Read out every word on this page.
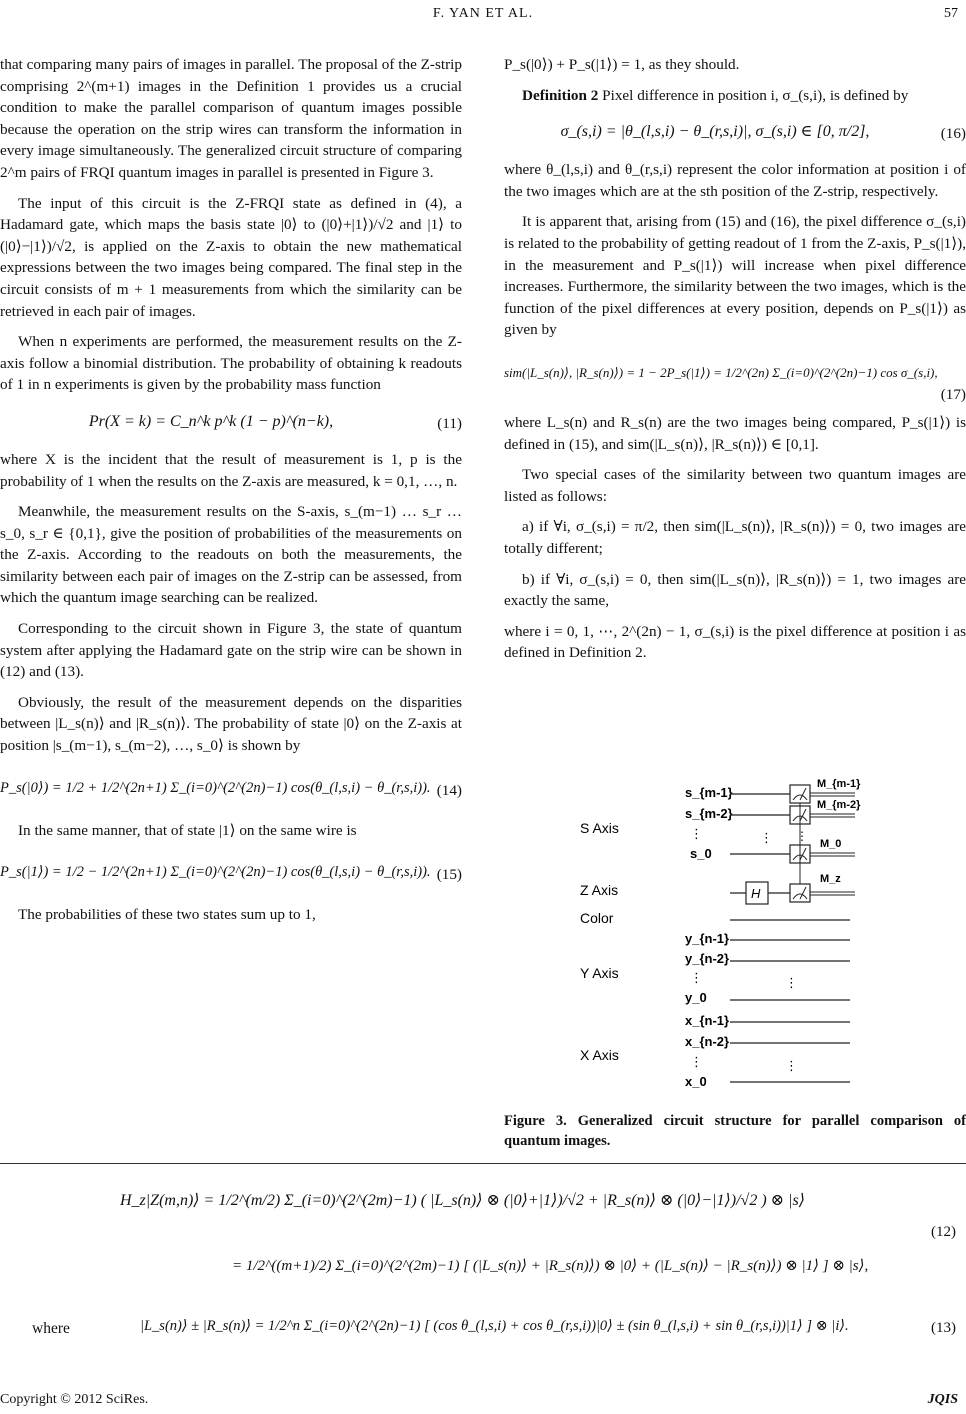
F. YAN ET AL.	57

that comparing many pairs of images in parallel. The proposal of the Z-strip comprising 2^(m+1) images in the Definition 1 provides us a crucial condition to make the parallel comparison of quantum images possible because the operation on the strip wires can transform the information in every image simultaneously. The generalized circuit structure of comparing 2^m pairs of FRQI quantum images in parallel is presented in Figure 3.

The input of this circuit is the Z-FRQI state as defined in (4), a Hadamard gate, which maps the basis state |0⟩ to (|0⟩+|1⟩)/√2 and |1⟩ to (|0⟩−|1⟩)/√2, is applied on the Z-axis to obtain the new mathematical expressions between the two images being compared. The final step in the circuit consists of m + 1 measurements from which the similarity can be retrieved in each pair of images.

When n experiments are performed, the measurement results on the Z-axis follow a binomial distribution. The probability of obtaining k readouts of 1 in n experiments is given by the probability mass function

Pr(X = k) = C_n^k p^k (1 − p)^(n−k),	(11)

where X is the incident that the result of measurement is 1, p is the probability of 1 when the results on the Z-axis are measured, k = 0,1, …, n.

Meanwhile, the measurement results on the S-axis, s_(m−1) … s_r … s_0, s_r ∈ {0,1}, give the position of probabilities of the measurements on the Z-axis. According to the readouts on both the measurements, the similarity between each pair of images on the Z-strip can be assessed, from which the quantum image searching can be realized.

Corresponding to the circuit shown in Figure 3, the state of quantum system after applying the Hadamard gate on the strip wire can be shown in (12) and (13).

Obviously, the result of the measurement depends on the disparities between |L_s(n)⟩ and |R_s(n)⟩. The probability of state |0⟩ on the Z-axis at position |s_(m−1), s_(m−2), …, s_0⟩ is shown by

P_s(|0⟩) = 1/2 + 1/2^(2n+1) Σ_(i=0)^(2^(2n)−1) cos(θ_(l,s,i) − θ_(r,s,i)). (14)

In the same manner, that of state |1⟩ on the same wire is

P_s(|1⟩) = 1/2 − 1/2^(2n+1) Σ_(i=0)^(2^(2n)−1) cos(θ_(l,s,i) − θ_(r,s,i)). (15)

The probabilities of these two states sum up to 1,

P_s(|0⟩) + P_s(|1⟩) = 1, as they should.

Definition 2 Pixel difference in position i, σ_(s,i), is defined by

σ_(s,i) = |θ_(l,s,i) − θ_(r,s,i)|, σ_(s,i) ∈ [0, π/2],	(16)

where θ_(l,s,i) and θ_(r,s,i) represent the color information at position i of the two images which are at the sth position of the Z-strip, respectively.

It is apparent that, arising from (15) and (16), the pixel difference σ_(s,i) is related to the probability of getting readout of 1 from the Z-axis, P_s(|1⟩), in the measurement and P_s(|1⟩) will increase when pixel difference increases. Furthermore, the similarity between the two images, which is the function of the pixel differences at every position, depends on P_s(|1⟩) as given by

sim(|L_s(n)⟩, |R_s(n)⟩) = 1 − 2P_s(|1⟩) = 1/2^(2n) Σ_(i=0)^(2^(2n)−1) cos σ_(s,i),
(17)

where L_s(n) and R_s(n) are the two images being compared, P_s(|1⟩) is defined in (15), and sim(|L_s(n)⟩, |R_s(n)⟩) ∈ [0,1].

Two special cases of the similarity between two quantum images are listed as follows:

a) if ∀i, σ_(s,i) = π/2, then sim(|L_s(n)⟩, |R_s(n)⟩) = 0, two images are totally different;

b) if ∀i, σ_(s,i) = 0, then sim(|L_s(n)⟩, |R_s(n)⟩) = 1, two images are exactly the same,

where i = 0, 1, ⋯, 2^(2n) − 1, σ_(s,i) is the pixel difference at position i as defined in Definition 2.

S Axis
Z Axis
Color
Y Axis
X Axis
s_{m-1}
s_{m-2}
⋮
s_0
⋮
M_{m-1}
M_{m-2}
⋮
M_0
H
M_z
y_{n-1}
y_{n-2}
⋮
y_0
⋮
x_{n-1}
x_{n-2}
⋮
x_0
⋮
Figure 3. Generalized circuit structure for parallel comparison of quantum images.
H_z|Z(m,n)⟩ = 1/2^(m/2) Σ_(i=0)^(2^(2m)−1) ( |L_s(n)⟩ ⊗ (|0⟩+|1⟩)/√2 + |R_s(n)⟩ ⊗ (|0⟩−|1⟩)/√2 ) ⊗ |s⟩
= 1/2^((m+1)/2) Σ_(i=0)^(2^(2m)−1) [ (|L_s(n)⟩ + |R_s(n)⟩) ⊗ |0⟩ + (|L_s(n)⟩ − |R_s(n)⟩) ⊗ |1⟩ ] ⊗ |s⟩,
(12)
where	|L_s(n)⟩ ± |R_s(n)⟩ = 1/2^n Σ_(i=0)^(2^(2n)−1) [ (cos θ_(l,s,i) + cos θ_(r,s,i))|0⟩ ± (sin θ_(l,s,i) + sin θ_(r,s,i))|1⟩ ] ⊗ |i⟩.	(13)
Copyright © 2012 SciRes.	JQIS
